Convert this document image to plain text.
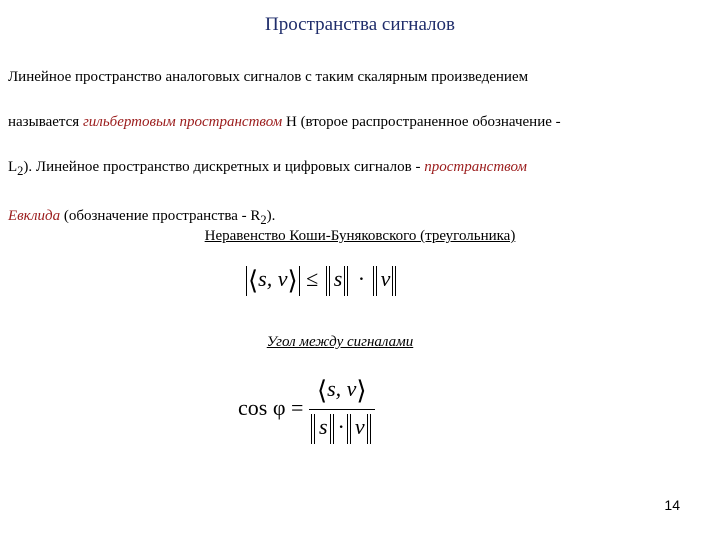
Пространства сигналов
Линейное пространство аналоговых сигналов с таким скалярным произведением
называется гильбертовым пространством H (второе распространенное обозначение -
$L_2$). Линейное пространство дискретных и цифровых сигналов - пространством
Евклида (обозначение пространства - $R_2$).
Неравенство Коши-Буняковского (треугольника)
⟨s, v⟩ ≤ s · v
Угол между сигналами
$\cos \varphi = \frac{⟨s, v⟩}{s \cdot v}$
14
